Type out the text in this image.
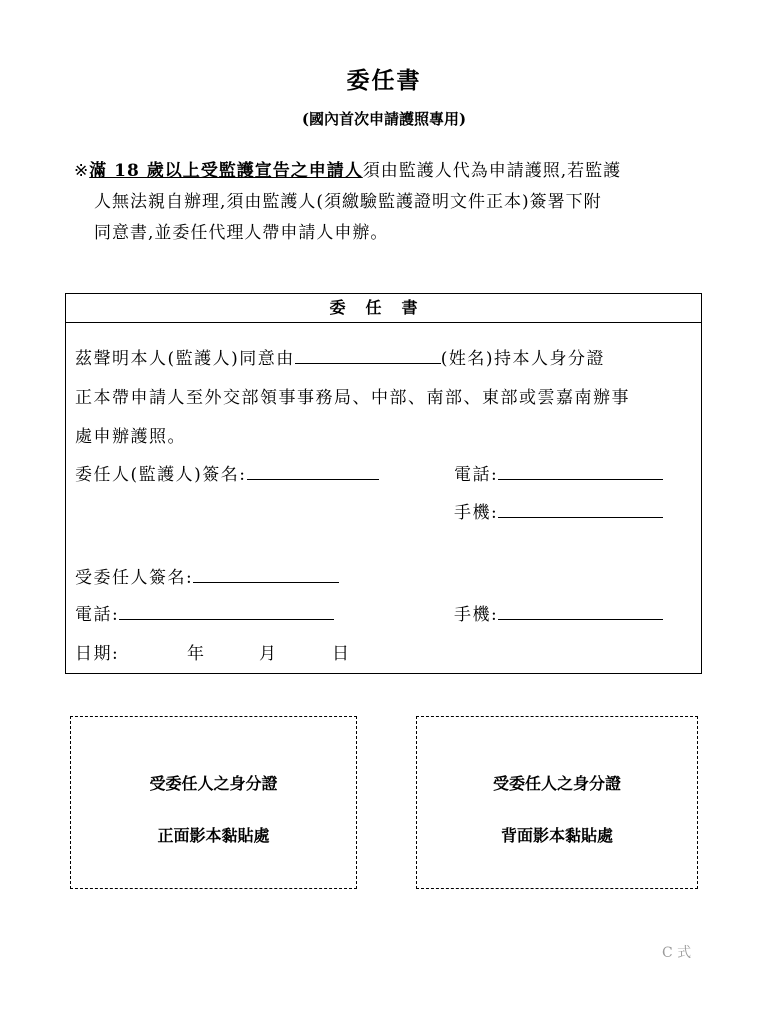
委任書
(國內首次申請護照專用)
※滿 18 歲以上受監護宣告之申請人須由監護人代為申請護照,若監護
人無法親自辦理,須由監護人(須繳驗監護證明文件正本)簽署下附
同意書,並委任代理人帶申請人申辦。
委任書
茲聲明本人(監護人)同意由	(姓名)持本人身分證
正本帶申請人至外交部領事事務局、中部、南部、東部或雲嘉南辦事
處申辦護照。
委任人(監護人)簽名:	電話:
手機:
受委任人簽名:
電話:	手機:
日期:	年	月	日
受委任人之身分證
正面影本黏貼處
受委任人之身分證
背面影本黏貼處
C 式
